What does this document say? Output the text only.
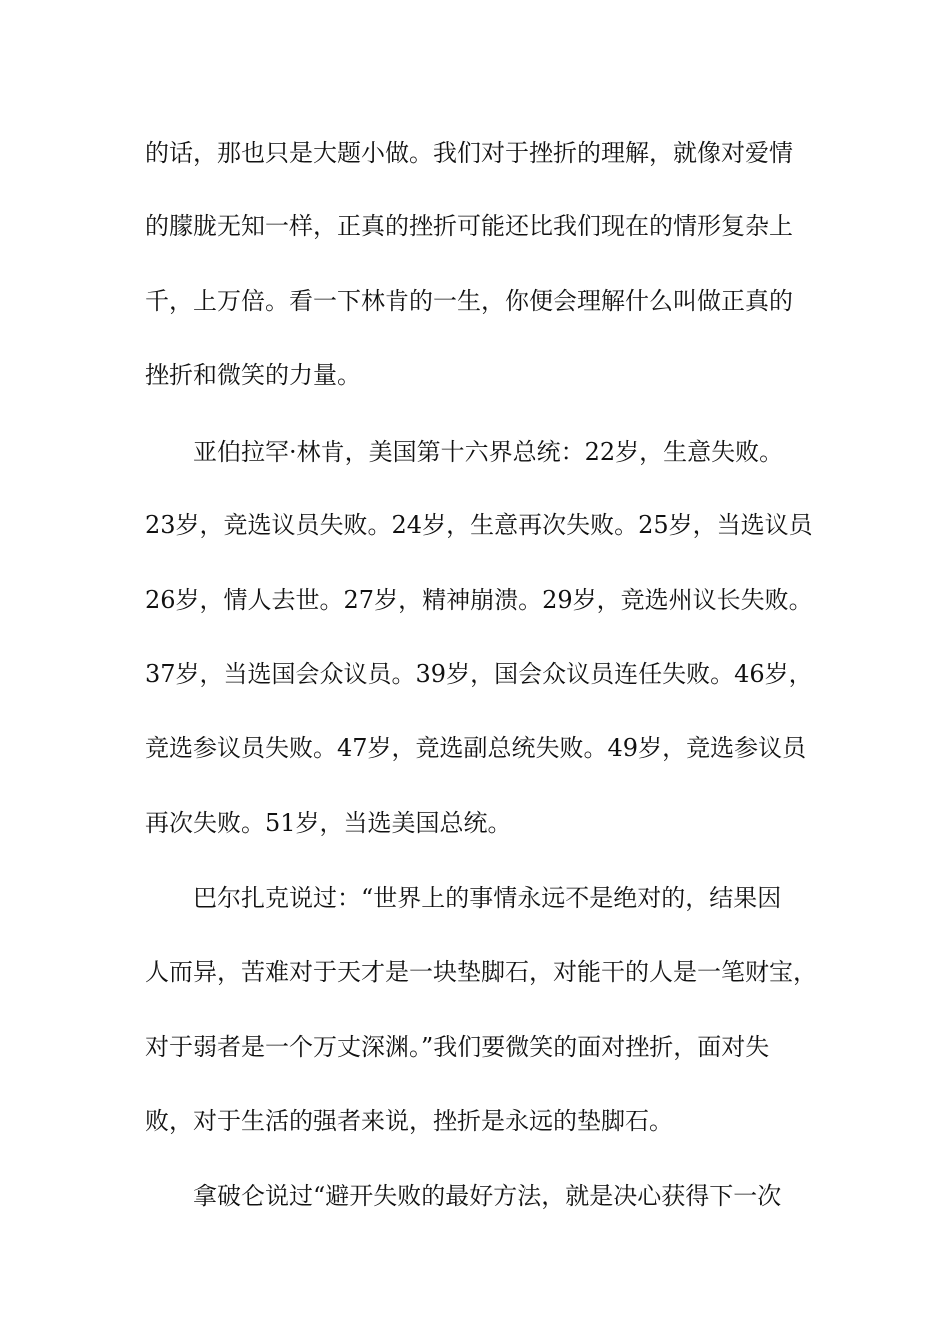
的话，那也只是大题小做。我们对于挫折的理解，就像对爱情
的朦胧无知一样，正真的挫折可能还比我们现在的情形复杂上
千，上万倍。看一下林肯的一生，你便会理解什么叫做正真的
挫折和微笑的力量。
亚伯拉罕·林肯，美国第十六界总统：22岁，生意失败。
23岁，竞选议员失败。24岁，生意再次失败。25岁，当选议员
26岁，情人去世。27岁，精神崩溃。29岁，竞选州议长失败。
37岁，当选国会众议员。39岁，国会众议员连任失败。46岁，
竞选参议员失败。47岁，竞选副总统失败。49岁，竞选参议员
再次失败。51岁，当选美国总统。
巴尔扎克说过：“世界上的事情永远不是绝对的，结果因
人而异，苦难对于天才是一块垫脚石，对能干的人是一笔财宝，
对于弱者是一个万丈深渊。”我们要微笑的面对挫折，面对失
败，对于生活的强者来说，挫折是永远的垫脚石。
拿破仑说过“避开失败的最好方法，就是决心获得下一次
